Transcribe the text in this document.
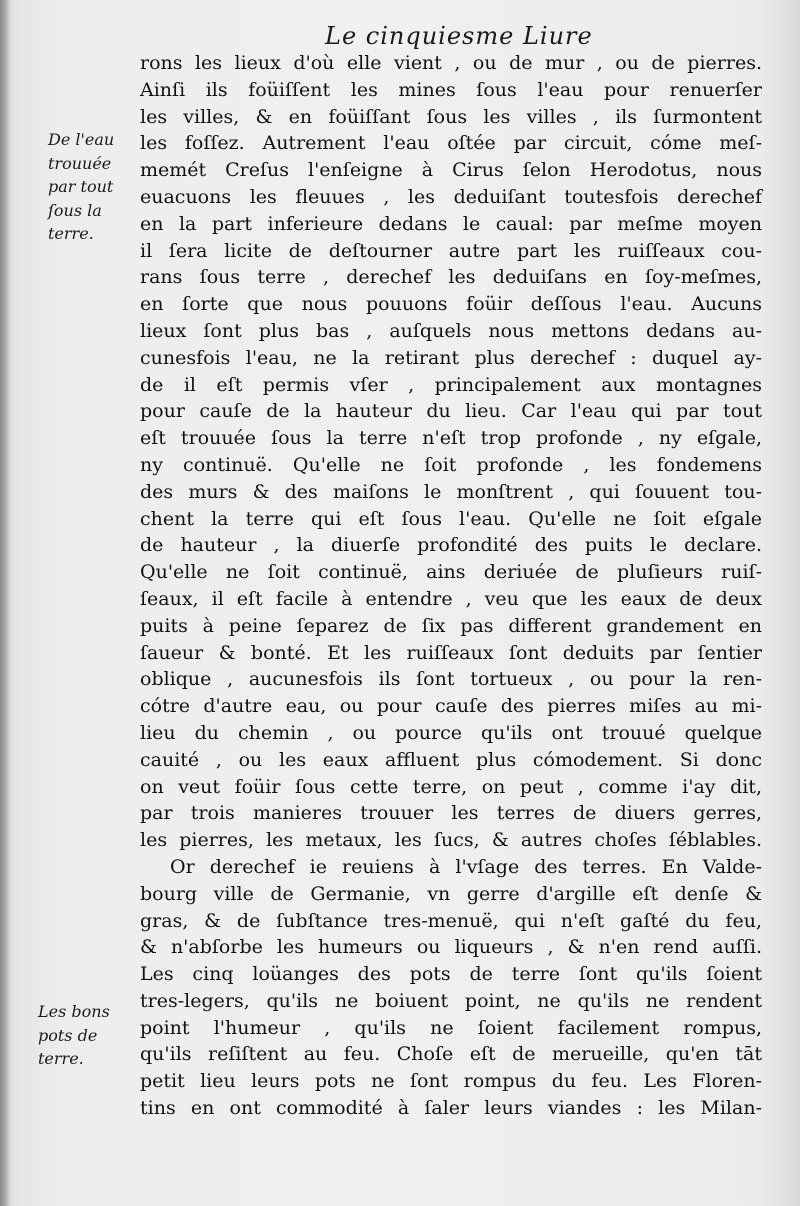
Le cinquiesme Liure
De l'eau
trouuée
par tout
ſous la
terre.
Les bons
pots de
terre.
rons les lieux d'où elle vient , ou de mur , ou de pierres.
Ainſi ils foüiſſent les mines ſous l'eau pour renuerſer
les villes, & en foüiſſant ſous les villes , ils ſurmontent
les foſſez. Autrement l'eau oſtée par circuit, cóme meſ-
memét Creſus l'enſeigne à Cirus ſelon Herodotus, nous
euacuons les fleuues , les deduiſant toutesfois derechef
en la part inferieure dedans le caual: par meſme moyen
il ſera licite de deſtourner autre part les ruiſſeaux cou-
rans ſous terre , derechef les deduiſans en ſoy-meſmes,
en ſorte que nous pouuons foüir deſſous l'eau. Aucuns
lieux ſont plus bas , auſquels nous mettons dedans au-
cunesfois l'eau, ne la retirant plus derechef : duquel ay-
de il eſt permis vſer , principalement aux montagnes
pour cauſe de la hauteur du lieu. Car l'eau qui par tout
eſt trouuée ſous la terre n'eſt trop profonde , ny eſgale,
ny continuë. Qu'elle ne ſoit profonde , les fondemens
des murs & des maiſons le monſtrent , qui ſouuent tou-
chent la terre qui eſt ſous l'eau. Qu'elle ne ſoit eſgale
de hauteur , la diuerſe profondité des puits le declare.
Qu'elle ne ſoit continuë, ains deriuée de pluſieurs ruiſ-
ſeaux, il eſt facile à entendre , veu que les eaux de deux
puits à peine ſeparez de ſix pas different grandement en
ſaueur & bonté. Et les ruiſſeaux ſont deduits par ſentier
oblique , aucunesfois ils ſont tortueux , ou pour la ren-
cótre d'autre eau, ou pour cauſe des pierres miſes au mi-
lieu du chemin , ou pource qu'ils ont trouué quelque
cauité , ou les eaux affluent plus cómodement. Si donc
on veut foüir ſous cette terre, on peut , comme i'ay dit,
par trois manieres trouuer les terres de diuers gerres,
les pierres, les metaux, les ſucs, & autres choſes ſéblables.
Or derechef ie reuiens à l'vſage des terres. En Valde-
bourg ville de Germanie, vn gerre d'argille eſt denſe &
gras, & de ſubſtance tres-menuë, qui n'eſt gaſté du feu,
& n'abſorbe les humeurs ou liqueurs , & n'en rend auſſi.
Les cinq loüanges des pots de terre ſont qu'ils ſoient
tres-legers, qu'ils ne boiuent point, ne qu'ils ne rendent
point l'humeur , qu'ils ne ſoient facilement rompus,
qu'ils reſiſtent au feu. Choſe eſt de merueille, qu'en tāt
petit lieu leurs pots ne ſont rompus du feu. Les Floren-
tins en ont commodité à ſaler leurs viandes : les Milan-
